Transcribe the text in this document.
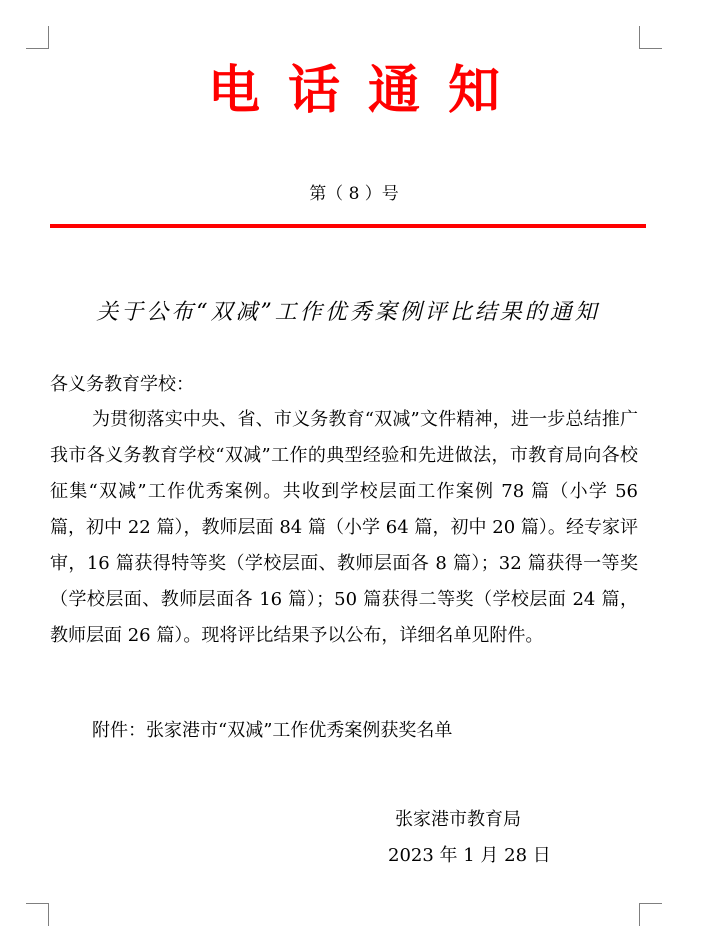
电话通知
第（ 8 ）号
关于公布“双减”工作优秀案例评比结果的通知
各义务教育学校：
为贯彻落实中央、省、市义务教育“双减”文件精神，进一步总结推广我市各义务教育学校“双减”工作的典型经验和先进做法，市教育局向各校征集“双减”工作优秀案例。共收到学校层面工作案例 78 篇（小学 56 篇，初中 22 篇），教师层面 84 篇（小学 64 篇，初中 20 篇）。经专家评审，16 篇获得特等奖（学校层面、教师层面各 8 篇）；32 篇获得一等奖（学校层面、教师层面各 16 篇）；50 篇获得二等奖（学校层面 24 篇，教师层面 26 篇）。现将评比结果予以公布，详细名单见附件。
附件：张家港市“双减”工作优秀案例获奖名单
张家港市教育局
2023 年 1 月 28 日
